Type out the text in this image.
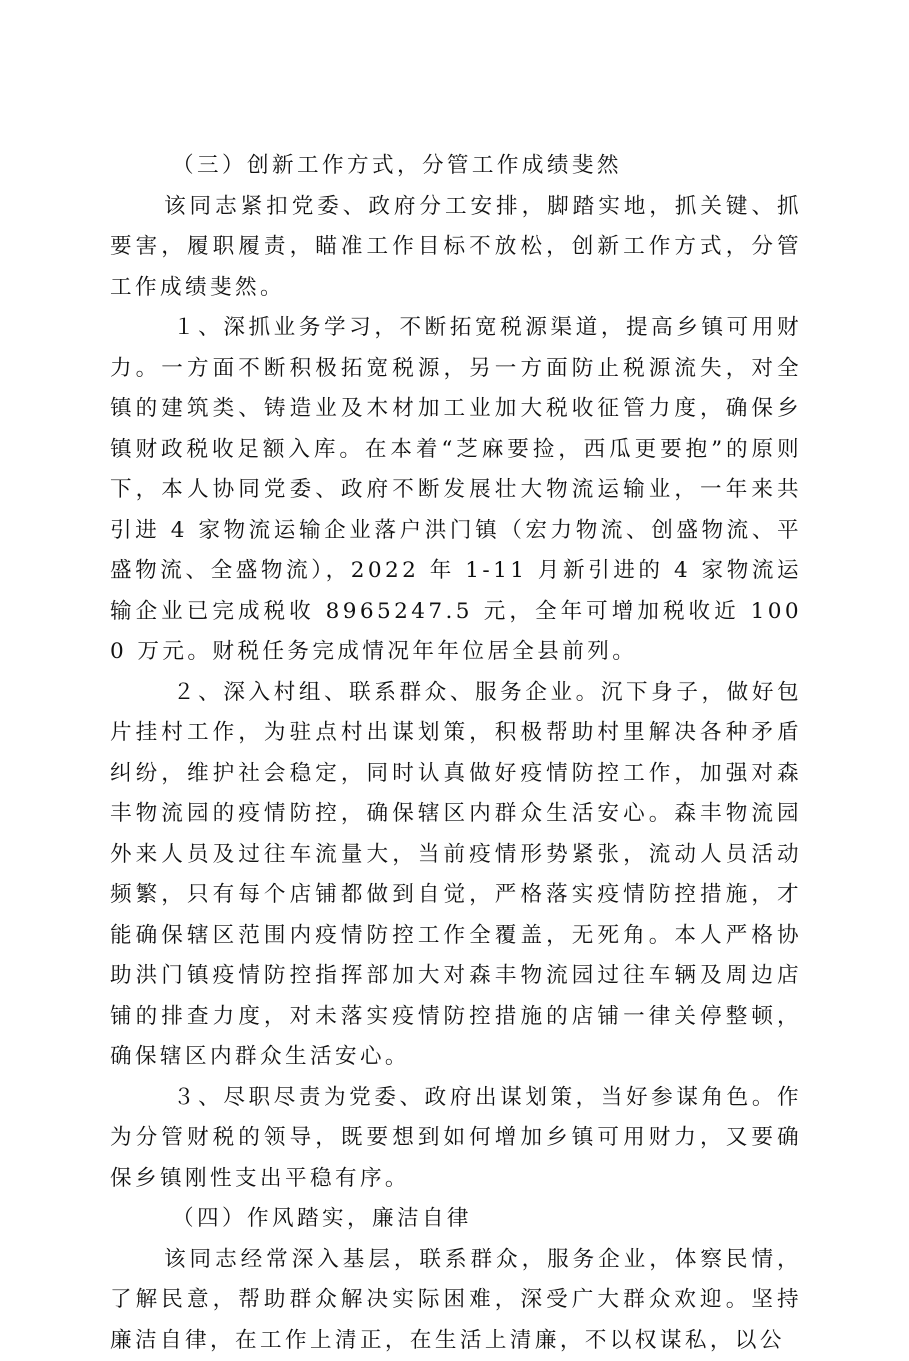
（三）创新工作方式，分管工作成绩斐然

该同志紧扣党委、政府分工安排，脚踏实地，抓关键、抓要害，履职履责，瞄准工作目标不放松，创新工作方式，分管工作成绩斐然。

１、深抓业务学习，不断拓宽税源渠道，提高乡镇可用财力。一方面不断积极拓宽税源，另一方面防止税源流失，对全镇的建筑类、铸造业及木材加工业加大税收征管力度，确保乡镇财政税收足额入库。在本着“芝麻要捡，西瓜更要抱”的原则下，本人协同党委、政府不断发展壮大物流运输业，一年来共引进 4 家物流运输企业落户洪门镇（宏力物流、创盛物流、平盛物流、全盛物流），2022 年 1-11 月新引进的 4 家物流运输企业已完成税收 8965247.5 元，全年可增加税收近 1000 万元。财税任务完成情况年年位居全县前列。

２、深入村组、联系群众、服务企业。沉下身子，做好包片挂村工作，为驻点村出谋划策，积极帮助村里解决各种矛盾纠纷，维护社会稳定，同时认真做好疫情防控工作，加强对森丰物流园的疫情防控，确保辖区内群众生活安心。森丰物流园外来人员及过往车流量大，当前疫情形势紧张，流动人员活动频繁，只有每个店铺都做到自觉，严格落实疫情防控措施，才能确保辖区范围内疫情防控工作全覆盖，无死角。本人严格协助洪门镇疫情防控指挥部加大对森丰物流园过往车辆及周边店铺的排查力度，对未落实疫情防控措施的店铺一律关停整顿，确保辖区内群众生活安心。

３、尽职尽责为党委、政府出谋划策，当好参谋角色。作为分管财税的领导，既要想到如何增加乡镇可用财力，又要确保乡镇刚性支出平稳有序。

（四）作风踏实，廉洁自律

该同志经常深入基层，联系群众，服务企业，体察民情，了解民意，帮助群众解决实际困难，深受广大群众欢迎。坚持廉洁自律，在工作上清正，在生活上清廉，不以权谋私，以公
